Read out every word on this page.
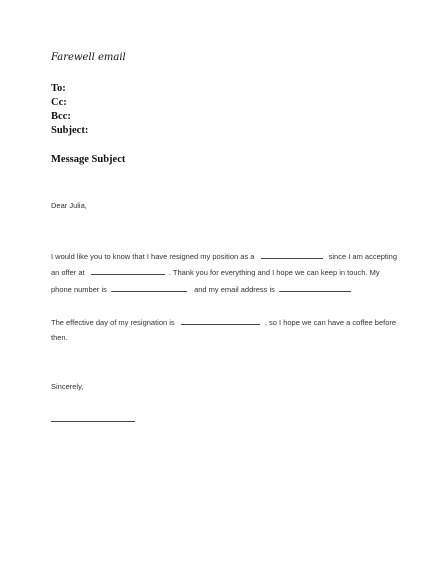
Farewell email
To:
Cc:
Bcc:
Subject:
Message Subject
Dear Julia,
I would like you to know that I have resigned my position as a	since I am accepting
an offer at	. Thank you for everything and I hope we can keep in touch. My
phone number is	and my email address is
The effective day of my resignation is	, so I hope we can have a coffee before
then.
Sincerely,
